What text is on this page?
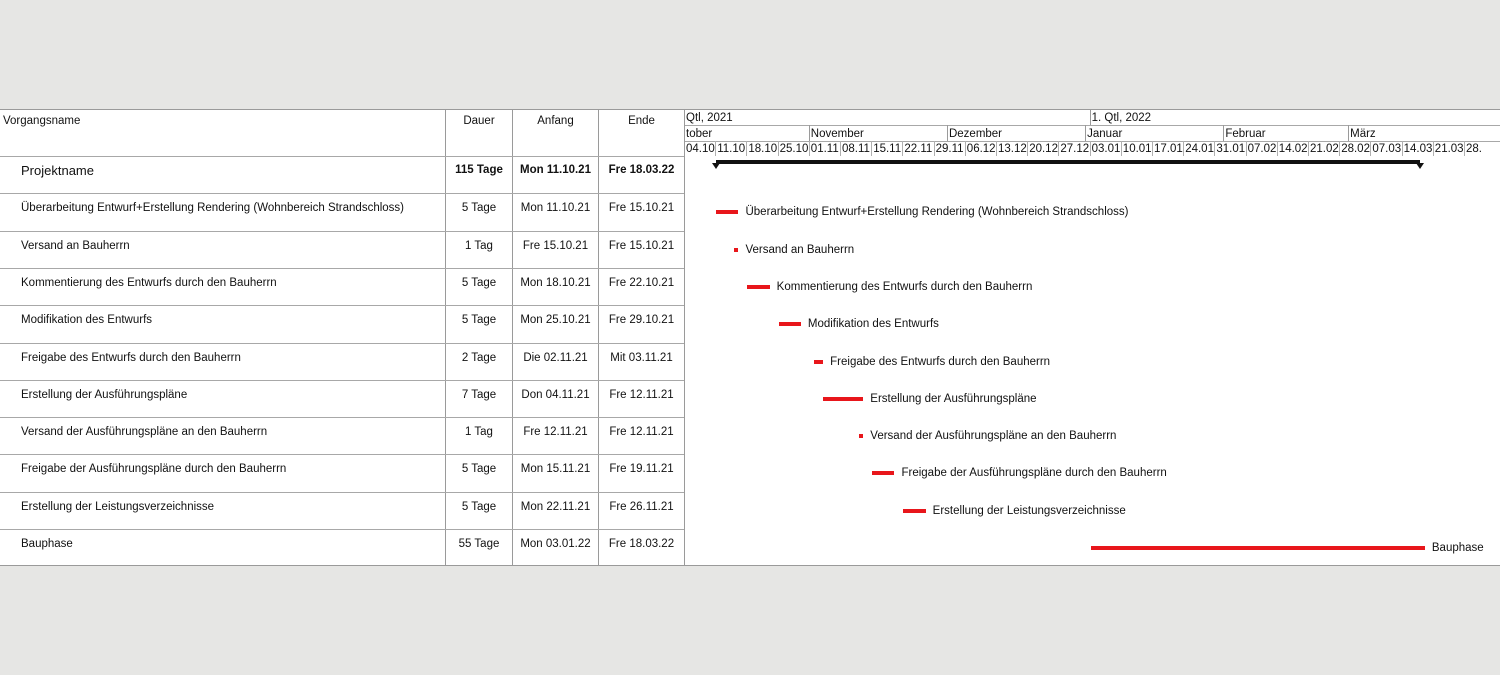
Vorgangsname	Dauer	Anfang	Ende	Qtl, 2021	1. Qtl, 2022
tober	November	Dezember	Januar	Februar	März
04.10 11.10 18.10 25.10 01.11 08.11 15.11 22.11 29.11 06.12 13.12 20.12 27.12 03.01 10.01 17.01 24.01 31.01 07.02 14.02 21.02 28.02 07.03 14.03 21.03 28.
Projektname	115 Tage	Mon 11.10.21	Fre 18.03.22
Überarbeitung Entwurf+Erstellung Rendering (Wohnbereich Strandschloss)	5 Tage	Mon 11.10.21	Fre 15.10.21
Versand an Bauherrn	1 Tag	Fre 15.10.21	Fre 15.10.21
Kommentierung des Entwurfs durch den Bauherrn	5 Tage	Mon 18.10.21	Fre 22.10.21
Modifikation des Entwurfs	5 Tage	Mon 25.10.21	Fre 29.10.21
Freigabe des Entwurfs durch den Bauherrn	2 Tage	Die 02.11.21	Mit 03.11.21
Erstellung der Ausführungspläne	7 Tage	Don 04.11.21	Fre 12.11.21
Versand der Ausführungspläne an den Bauherrn	1 Tag	Fre 12.11.21	Fre 12.11.21
Freigabe der Ausführungspläne durch den Bauherrn	5 Tage	Mon 15.11.21	Fre 19.11.21
Erstellung der Leistungsverzeichnisse	5 Tage	Mon 22.11.21	Fre 26.11.21
Bauphase	55 Tage	Mon 03.01.22	Fre 18.03.22
Überarbeitung Entwurf+Erstellung Rendering (Wohnbereich Strandschloss)
Versand an Bauherrn
Kommentierung des Entwurfs durch den Bauherrn
Modifikation des Entwurfs
Freigabe des Entwurfs durch den Bauherrn
Erstellung der Ausführungspläne
Versand der Ausführungspläne an den Bauherrn
Freigabe der Ausführungspläne durch den Bauherrn
Erstellung der Leistungsverzeichnisse
Bauphase
